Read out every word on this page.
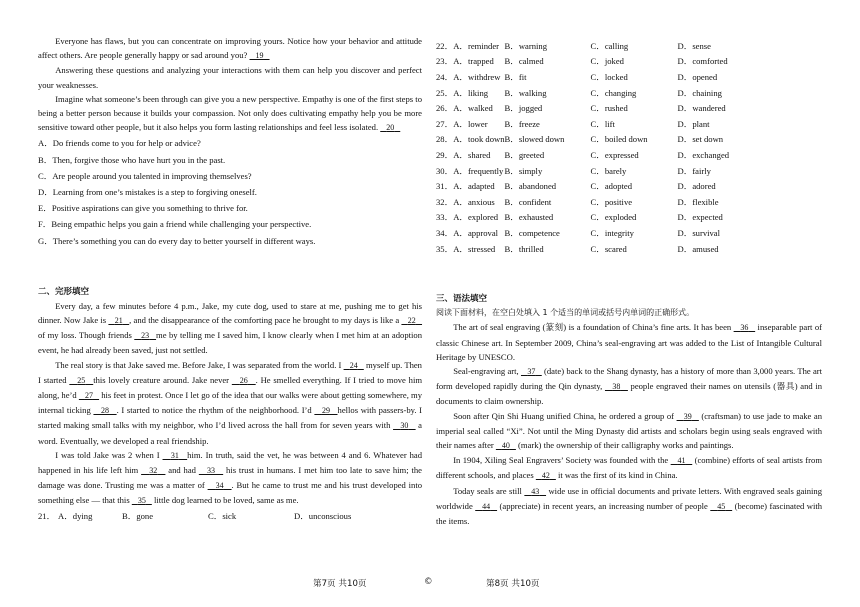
Everyone has flaws, but you can concentrate on improving yours. Notice how your behavior and attitude affect others. Are people generally happy or sad around you?    19

Answering these questions and analyzing your interactions with them can help you discover and perfect your weaknesses.

Imagine what someone’s been through can give you a new perspective. Empathy is one of the first steps to being a better person because it builds your compassion. Not only does cultivating empathy help you be more sensitive toward other people, but it also helps you form lasting relationships and feel less isolated.    20

A．Do friends come to you for help or advice?

B．Then, forgive those who have hurt you in the past.

C．Are people around you talented in improving themselves?

D．Learning from one’s mistakes is a step to forgiving oneself.

E．Positive aspirations can give you something to thrive for.

F．Being empathic helps you gain a friend while challenging your perspective.

G．There’s something you can do every day to better yourself in different ways.

二、完形填空

Every day, a few minutes before 4 p.m., Jake, my cute dog, used to stare at me, pushing me to get his dinner. Now Jake is    21 , and the disappearance of the comforting pace he brought to my days is like a    22    of my loss. Though friends    23 me by telling me I saved him, I know clearly when I met him at an adoption event, he had already been saved, just not settled.

The real story is that Jake saved me. Before Jake, I was separated from the world. I    24    myself up. Then I started    25 this lovely creature around. Jake never    26 . He smelled everything. If I tried to move him along, he’d    27    his feet in protest. Once I let go of the idea that our walks were about getting somewhere, my internal ticking    28 . I started to notice the rhythm of the neighborhood. I’d    29 hellos with passers-by. I started making small talks with my neighbor, who I’d lived across the hall from for seven years with    30    a word. Eventually, we developed a real friendship.

I was told Jake was 2 when I    31 him. In truth, said the vet, he was between 4 and 6. Whatever had happened in his life left him    32    and had    33    his trust in humans. I met him too late to save him; the damage was done. Trusting me was a matter of    34 . But he came to trust me and his trust developed into something else — that this    35    little dog learned to be loved, same as me.

21． A．dying	B．gone	C．sick	D．unconscious
22．A．reminder	B．warning	C．calling	D．sense
23．A．trapped	B．calmed	C．joked	D．comforted
24．A．withdrew	B．fit	C．locked	D．opened
25．A．liking	B．walking	C．changing	D．chaining
26．A．walked	B．jogged	C．rushed	D．wandered
27．A．lower	B．freeze	C．lift	D．plant
28．A．took down	B．slowed down	C．boiled down	D．set down
29．A．shared	B．greeted	C．expressed	D．exchanged
30．A．frequently	B．simply	C．barely	D．fairly
31．A．adapted	B．abandoned	C．adopted	D．adored
32．A．anxious	B．confident	C．positive	D．flexible
33．A．explored	B．exhausted	C．exploded	D．expected
34．A．approval	B．competence	C．integrity	D．survival
35．A．stressed	B．thrilled	C．scared	D．amused

三、语法填空

阅读下面材料，在空白处填入 1 个适当的单词或括号内单词的正确形式。

The art of seal engraving (篆刻) is a foundation of China’s fine arts. It has been    36    inseparable part of classic Chinese art. In September 2009, China’s seal-engraving art was added to the List of Intangible Cultural Heritage by UNESCO.

Seal-engraving art,    37    (date) back to the Shang dynasty, has a history of more than 3,000 years. The art form developed rapidly during the Qin dynasty,    38    people engraved their names on utensils (器具) and in documents to claim ownership.

Soon after Qin Shi Huang unified China, he ordered a group of    39    (craftsman) to use jade to make an imperial seal called “Xi”. Not until the Ming Dynasty did artists and scholars begin using seals engraved with their names after    40    (mark) the ownership of their calligraphy works and paintings.

In 1904, Xiling Seal Engravers’ Society was founded with the    41    (combine) efforts of seal artists from different schools, and places    42    it was the first of its kind in China.

Today seals are still    43    wide use in official documents and private letters. With engraved seals gaining worldwide    44    (appreciate) in recent years, an increasing number of people    45    (become) fascinated with the items.

第7页 共10页	©	第8页 共10页
